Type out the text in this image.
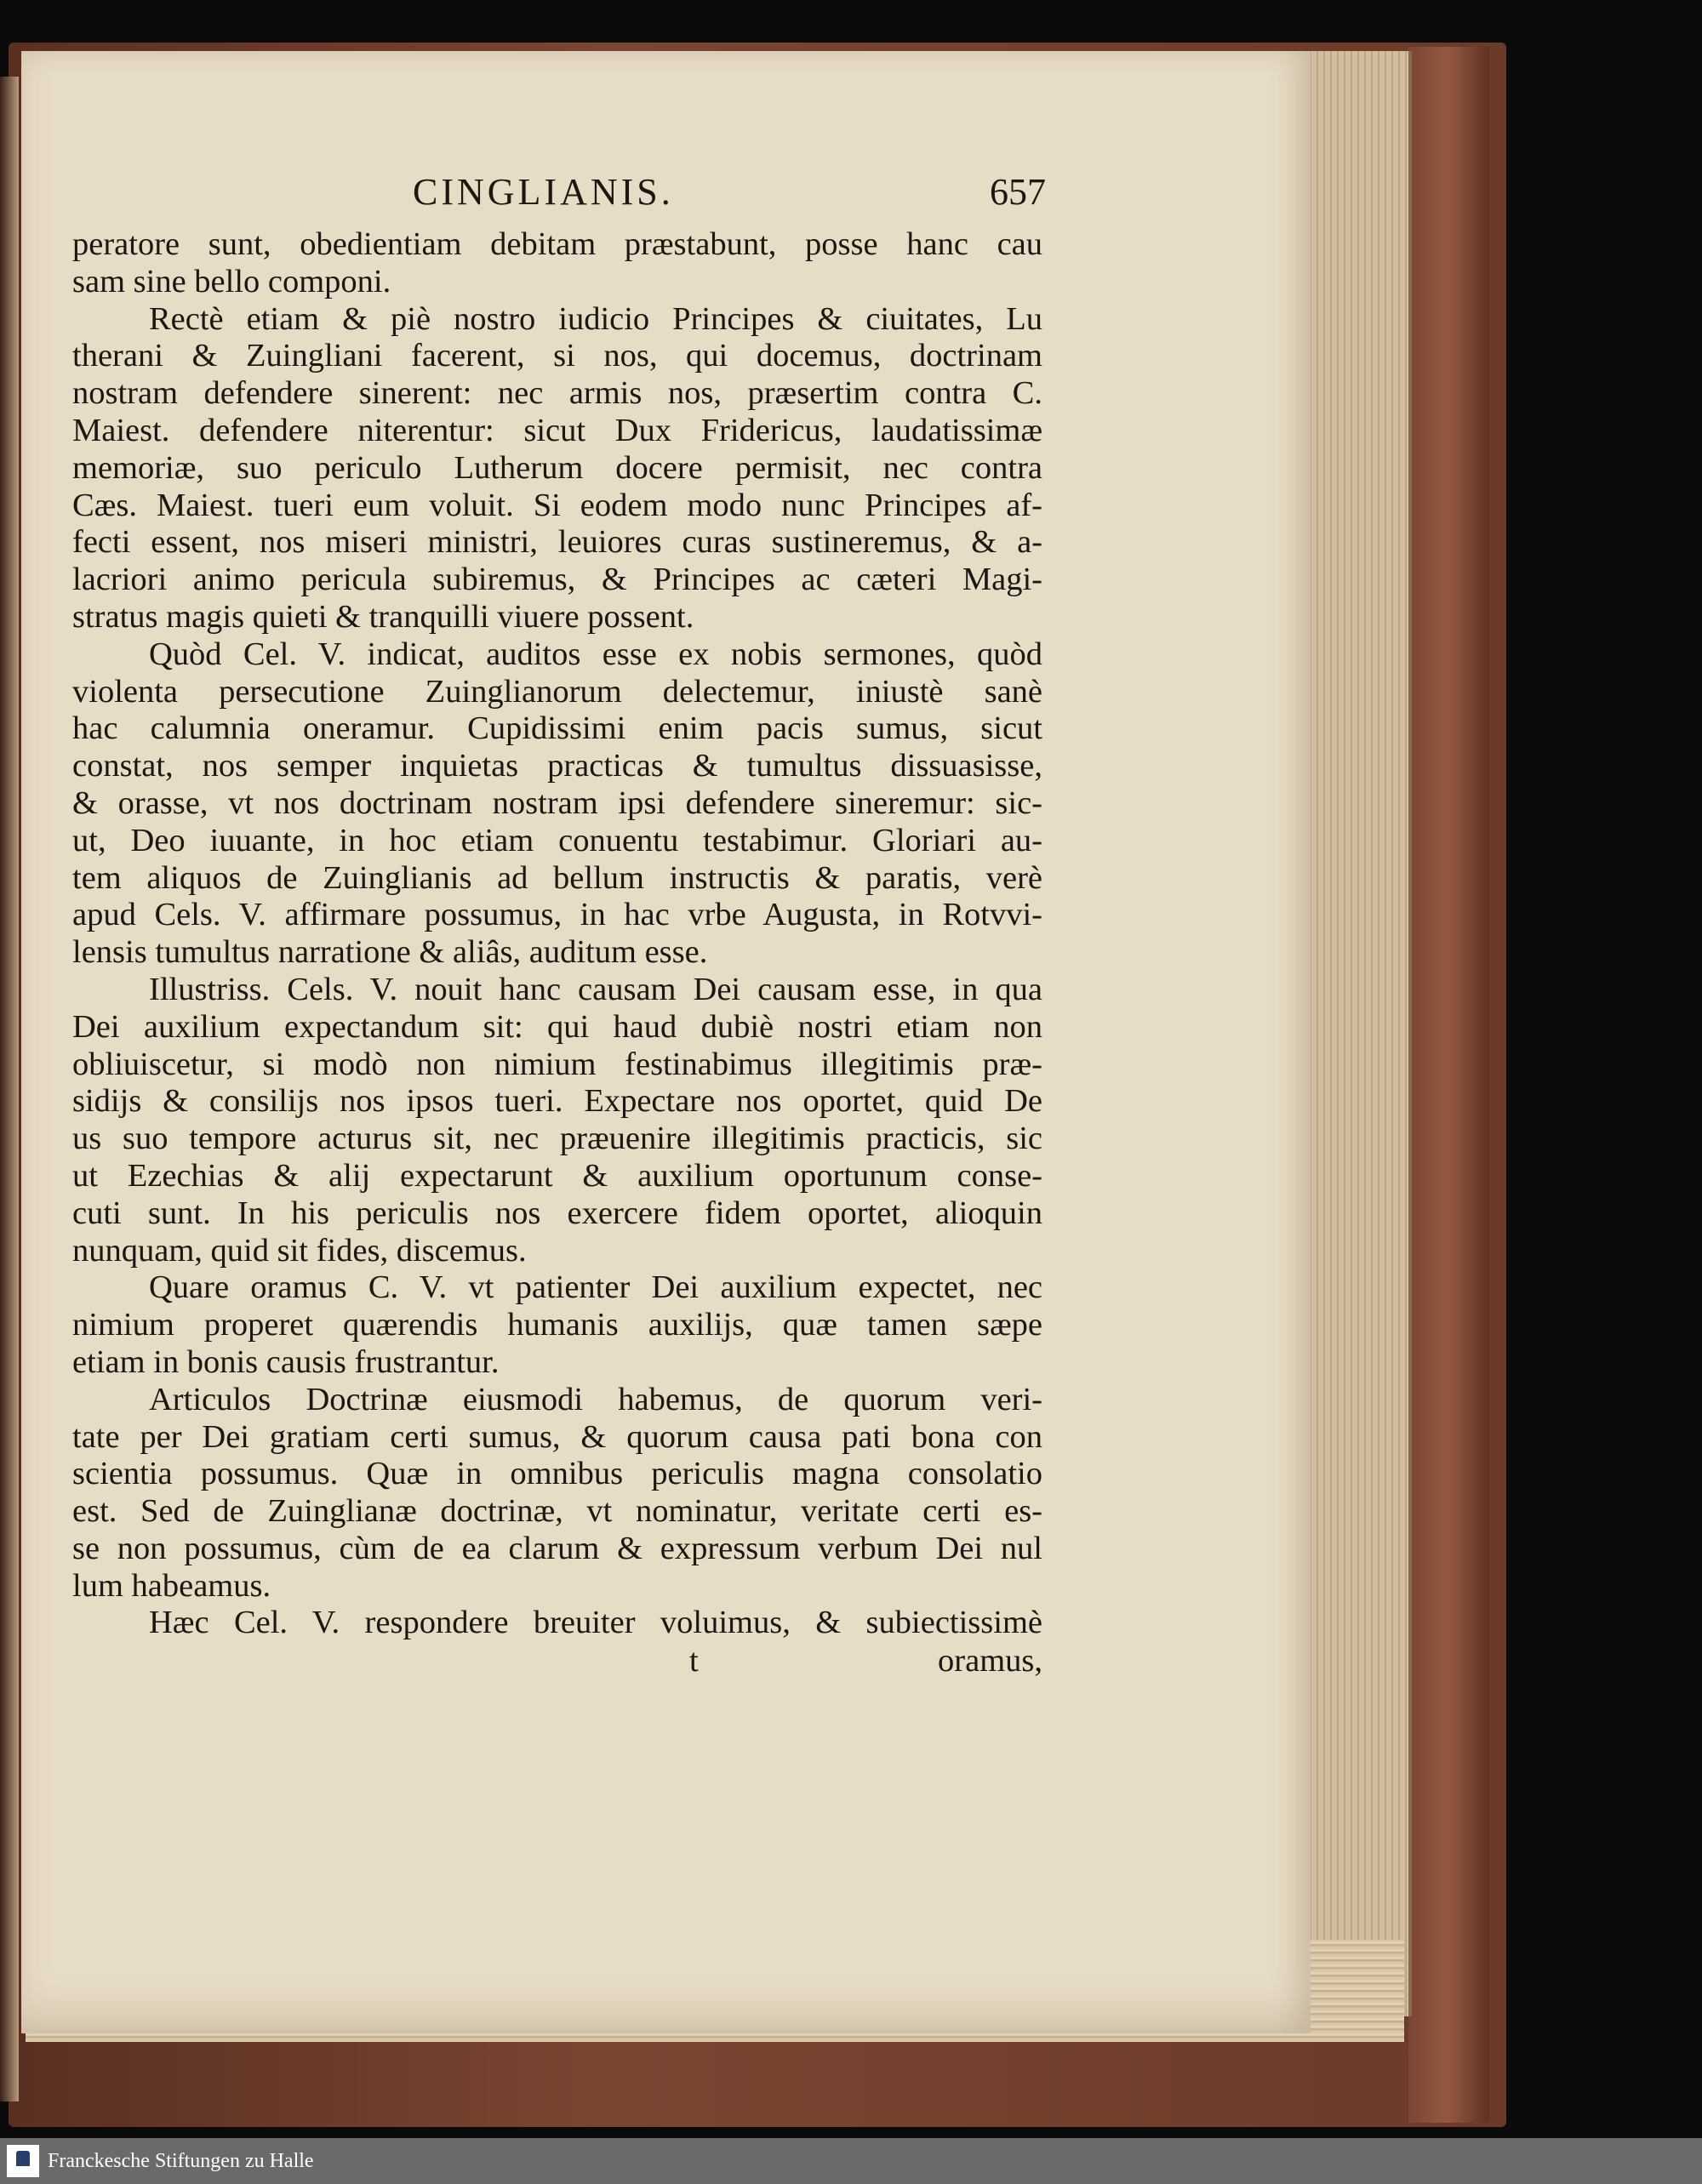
CINGLIANIS.	657
peratore sunt, obedientiam debitam præstabunt, posse hanc cau
sam sine bello componi.
Rectè etiam & piè nostro iudicio Principes & ciuitates, Lu
therani & Zuingliani facerent, si nos, qui docemus, doctrinam
nostram defendere sinerent: nec armis nos, præsertim contra C.
Maiest. defendere niterentur: sicut Dux Fridericus, laudatissimæ
memoriæ, suo periculo Lutherum docere permisit, nec contra
Cæs. Maiest. tueri eum voluit. Si eodem modo nunc Principes af-
fecti essent, nos miseri ministri, leuiores curas sustineremus, & a-
lacriori animo pericula subiremus, & Principes ac cæteri Magi-
stratus magis quieti & tranquilli viuere possent.
Quòd Cel. V. indicat, auditos esse ex nobis sermones, quòd
violenta persecutione Zuinglianorum delectemur, iniustè sanè
hac calumnia oneramur. Cupidissimi enim pacis sumus, sicut
constat, nos semper inquietas practicas & tumultus dissuasisse,
& orasse, vt nos doctrinam nostram ipsi defendere sineremur: sic-
ut, Deo iuuante, in hoc etiam conuentu testabimur. Gloriari au-
tem aliquos de Zuinglianis ad bellum instructis & paratis, verè
apud Cels. V. affirmare possumus, in hac vrbe Augusta, in Rotvvi-
lensis tumultus narratione & aliâs, auditum esse.
Illustriss. Cels. V. nouit hanc causam Dei causam esse, in qua
Dei auxilium expectandum sit: qui haud dubiè nostri etiam non
obliuiscetur, si modò non nimium festinabimus illegitimis præ-
sidijs & consilijs nos ipsos tueri. Expectare nos oportet, quid De
us suo tempore acturus sit, nec præuenire illegitimis practicis, sic
ut Ezechias & alij expectarunt & auxilium oportunum conse-
cuti sunt. In his periculis nos exercere fidem oportet, alioquin
nunquam, quid sit fides, discemus.
Quare oramus C. V. vt patienter Dei auxilium expectet, nec
nimium properet quærendis humanis auxilijs, quæ tamen sæpe
etiam in bonis causis frustrantur.
Articulos Doctrinæ eiusmodi habemus, de quorum veri-
tate per Dei gratiam certi sumus, & quorum causa pati bona con
scientia possumus. Quæ in omnibus periculis magna consolatio
est. Sed de Zuinglianæ doctrinæ, vt nominatur, veritate certi es-
se non possumus, cùm de ea clarum & expressum verbum Dei nul
lum habeamus.
Hæc Cel. V. respondere breuiter voluimus, & subiectissimè
t	oramus,
Franckesche Stiftungen zu Halle
